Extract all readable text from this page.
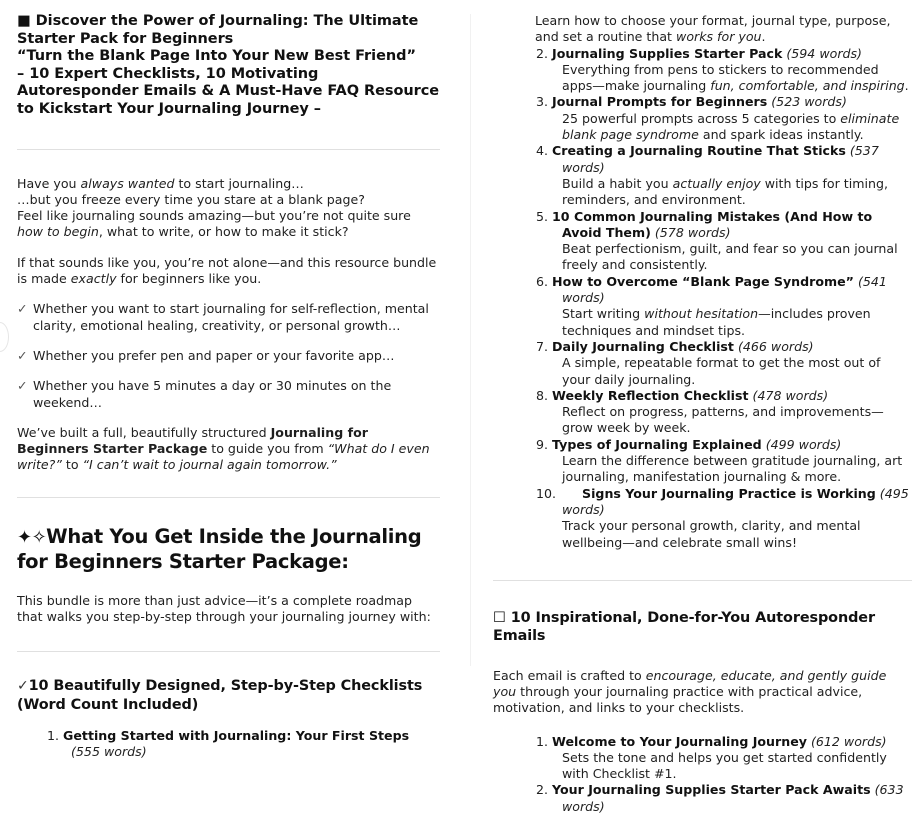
■ Discover the Power of Journaling: The Ultimate Starter Pack for Beginners
“Turn the Blank Page Into Your New Best Friend”
– 10 Expert Checklists, 10 Motivating Autoresponder Emails & A Must-Have FAQ Resource to Kickstart Your Journaling Journey –

Have you always wanted to start journaling…
…but you freeze every time you stare at a blank page?
Feel like journaling sounds amazing—but you’re not quite sure how to begin, what to write, or how to make it stick?

If that sounds like you, you’re not alone—and this resource bundle is made exactly for beginners like you.

✓ Whether you want to start journaling for self-reflection, mental clarity, emotional healing, creativity, or personal growth…

✓ Whether you prefer pen and paper or your favorite app…

✓ Whether you have 5 minutes a day or 30 minutes on the weekend…

We’ve built a full, beautifully structured Journaling for Beginners Starter Package to guide you from “What do I even write?” to “I can’t wait to journal again tomorrow.”

✦✧What You Get Inside the Journaling for Beginners Starter Package:

This bundle is more than just advice—it’s a complete roadmap that walks you step-by-step through your journaling journey with:

✓10 Beautifully Designed, Step-by-Step Checklists (Word Count Included)
1. Getting Started with Journaling: Your First Steps (555 words)

Learn how to choose your format, journal type, purpose,
and set a routine that works for you.

2. Journaling Supplies Starter Pack (594 words)
Everything from pens to stickers to recommended apps—make journaling fun, comfortable, and inspiring.
3. Journal Prompts for Beginners (523 words)
25 powerful prompts across 5 categories to eliminate blank page syndrome and spark ideas instantly.
4. Creating a Journaling Routine That Sticks (537 words)
Build a habit you actually enjoy with tips for timing, reminders, and environment.
5. 10 Common Journaling Mistakes (And How to Avoid Them) (578 words)
Beat perfectionism, guilt, and fear so you can journal freely and consistently.
6. How to Overcome “Blank Page Syndrome” (541 words)
Start writing without hesitation—includes proven techniques and mindset tips.
7. Daily Journaling Checklist (466 words)
A simple, repeatable format to get the most out of your daily journaling.
8. Weekly Reflection Checklist (478 words)
Reflect on progress, patterns, and improvements—grow week by week.
9. Types of Journaling Explained (499 words)
Learn the difference between gratitude journaling, art journaling, manifestation journaling & more.
10. Signs Your Journaling Practice is Working (495 words)
Track your personal growth, clarity, and mental wellbeing—and celebrate small wins!
☐ 10 Inspirational, Done-for-You Autoresponder Emails

Each email is crafted to encourage, educate, and gently guide you through your journaling practice with practical advice, motivation, and links to your checklists.

1. Welcome to Your Journaling Journey (612 words)
Sets the tone and helps you get started confidently with Checklist #1.
2. Your Journaling Supplies Starter Pack Awaits (633 words)
